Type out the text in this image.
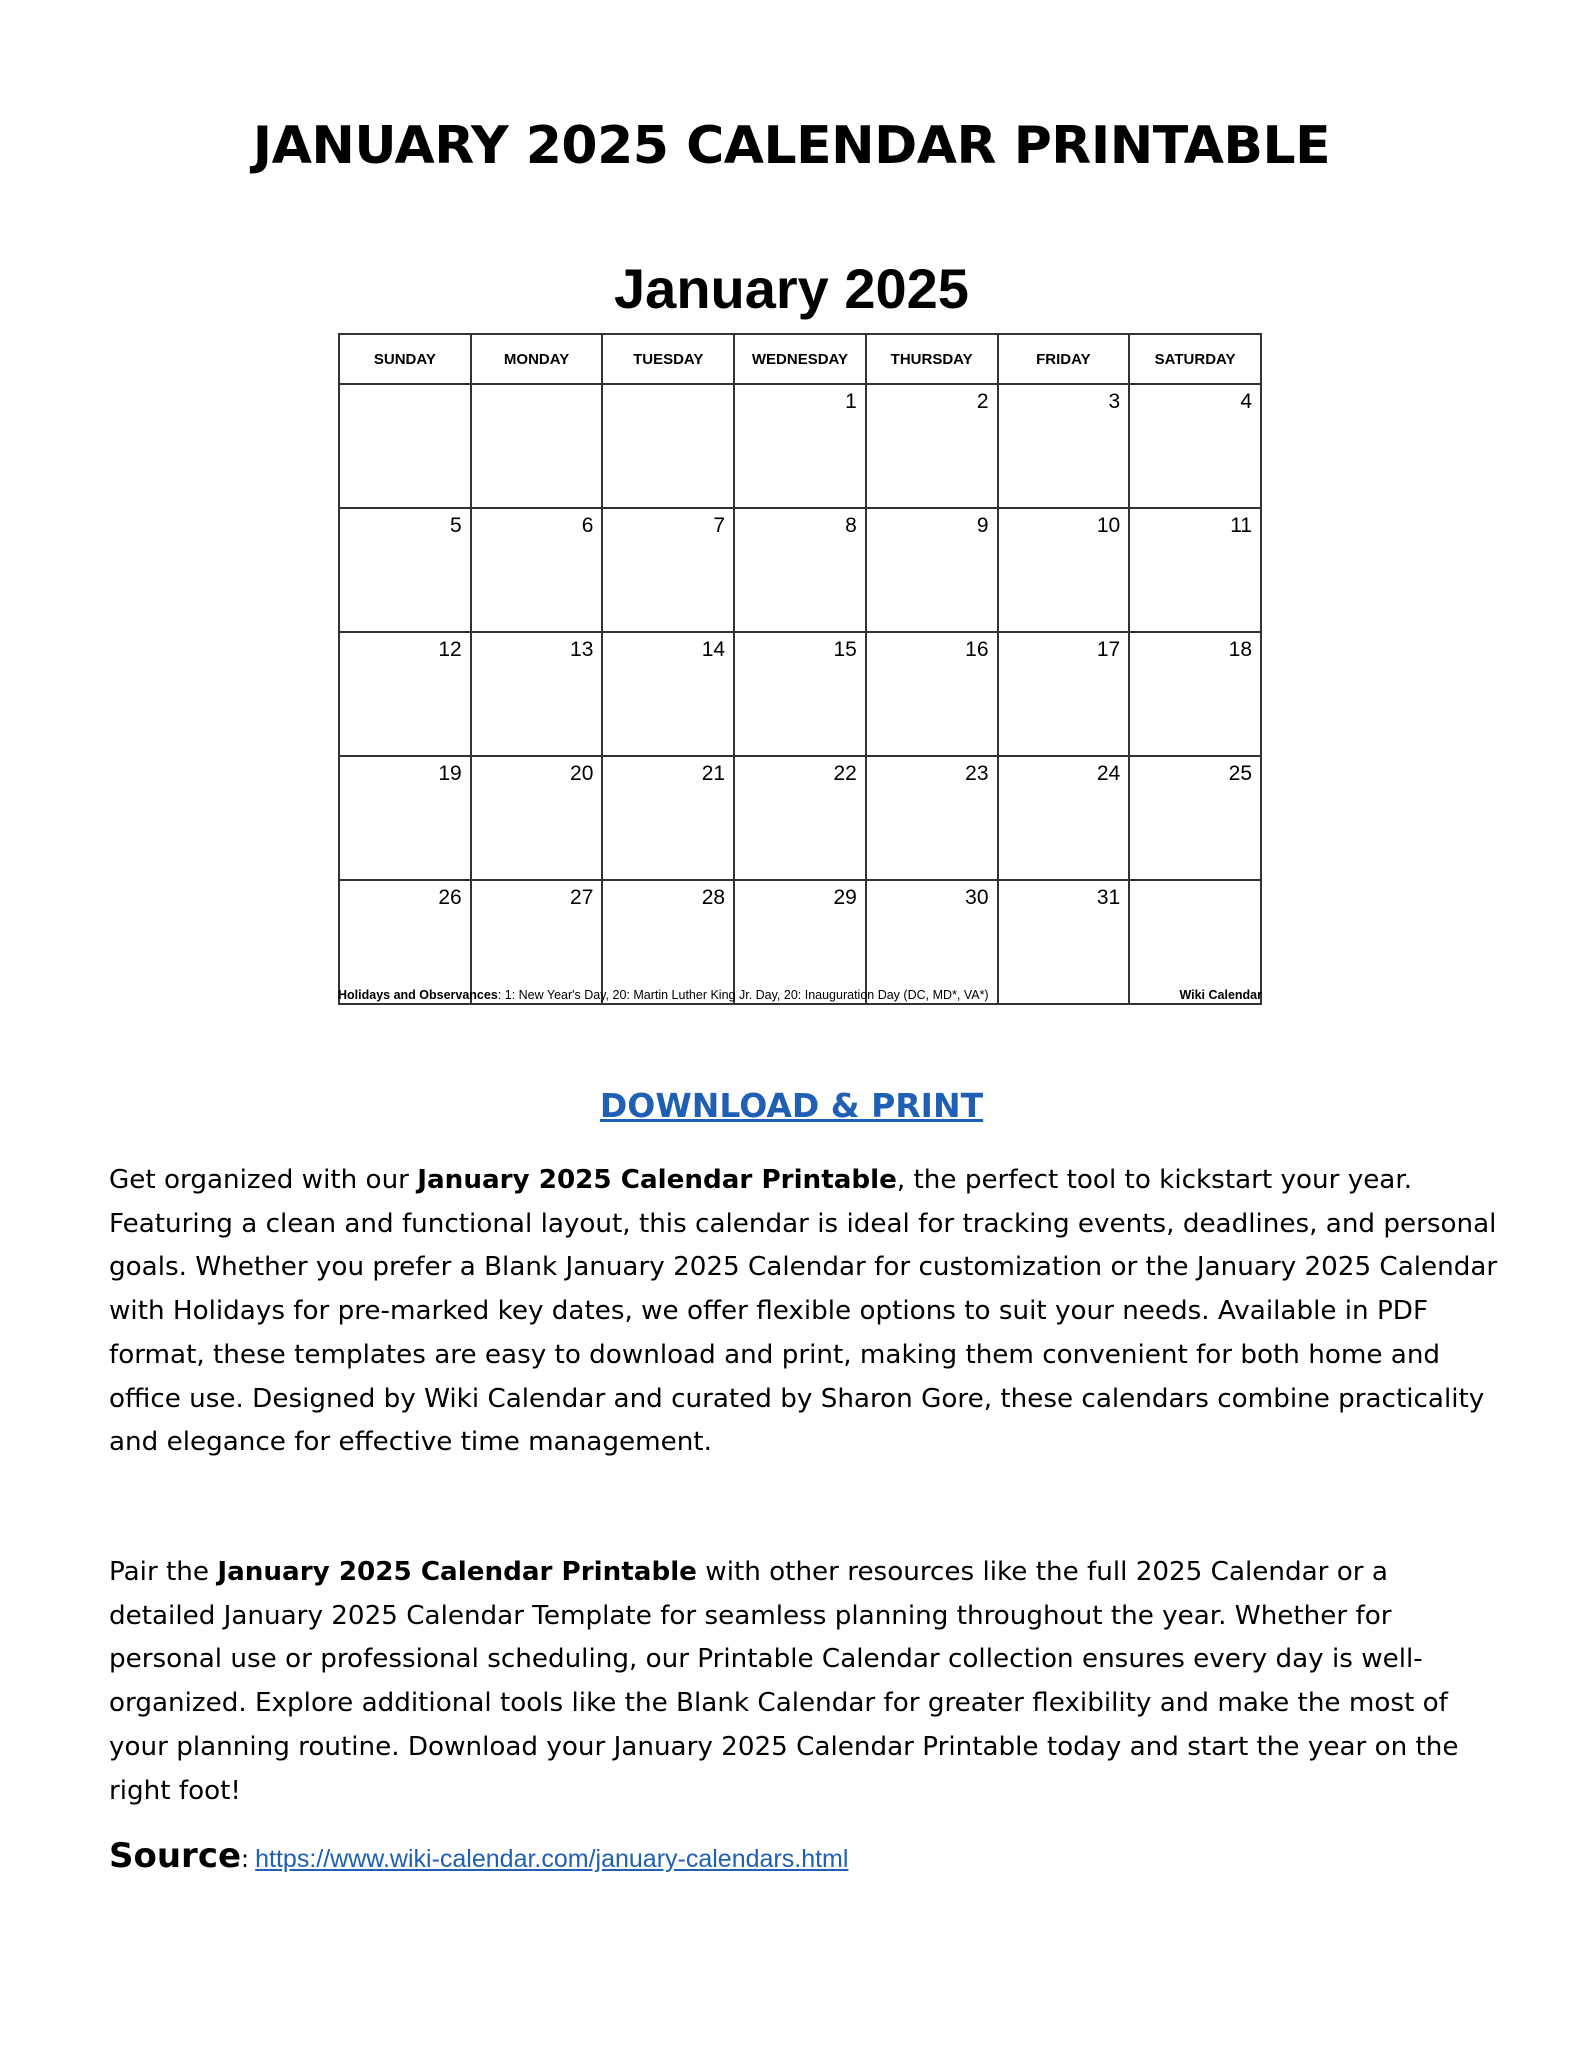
JANUARY 2025 CALENDAR PRINTABLE
January 2025
SUNDAY	MONDAY	TUESDAY	WEDNESDAY	THURSDAY	FRIDAY	SATURDAY
			1	2	3	4
5	6	7	8	9	10	11
12	13	14	15	16	17	18
19	20	21	22	23	24	25
26	27	28	29	30	31	
Holidays and Observances: 1: New Year's Day, 20: Martin Luther King Jr. Day, 20: Inauguration Day (DC, MD*, VA*)	Wiki Calendar
DOWNLOAD & PRINT

Get organized with our January 2025 Calendar Printable, the perfect tool to kickstart your year. Featuring a clean and functional layout, this calendar is ideal for tracking events, deadlines, and personal goals. Whether you prefer a Blank January 2025 Calendar for customization or the January 2025 Calendar with Holidays for pre-marked key dates, we offer flexible options to suit your needs. Available in PDF format, these templates are easy to download and print, making them convenient for both home and office use. Designed by Wiki Calendar and curated by Sharon Gore, these calendars combine practicality and elegance for effective time management.

Pair the January 2025 Calendar Printable with other resources like the full 2025 Calendar or a detailed January 2025 Calendar Template for seamless planning throughout the year. Whether for personal use or professional scheduling, our Printable Calendar collection ensures every day is well-organized. Explore additional tools like the Blank Calendar for greater flexibility and make the most of your planning routine. Download your January 2025 Calendar Printable today and start the year on the right foot!

Source: https://www.wiki-calendar.com/january-calendars.html
